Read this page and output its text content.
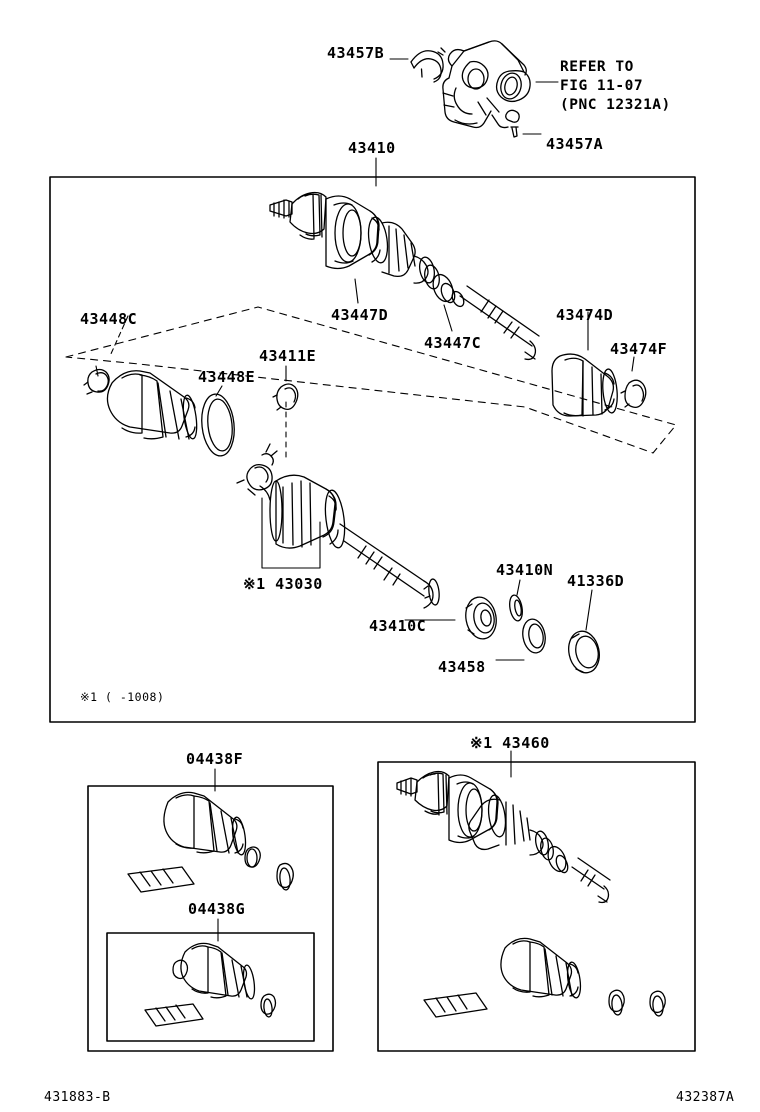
43457B
REFER TO
FIG 11-07
(PNC 12321A)
43457A
43410
43448C	43447D
43447C
43474D
43474F
43411E
43448E
※1 43030
43410N
41336D
43410C
43458
※1 ( -1008)
04438F
04438G
※1 43460
431883-B	432387A
